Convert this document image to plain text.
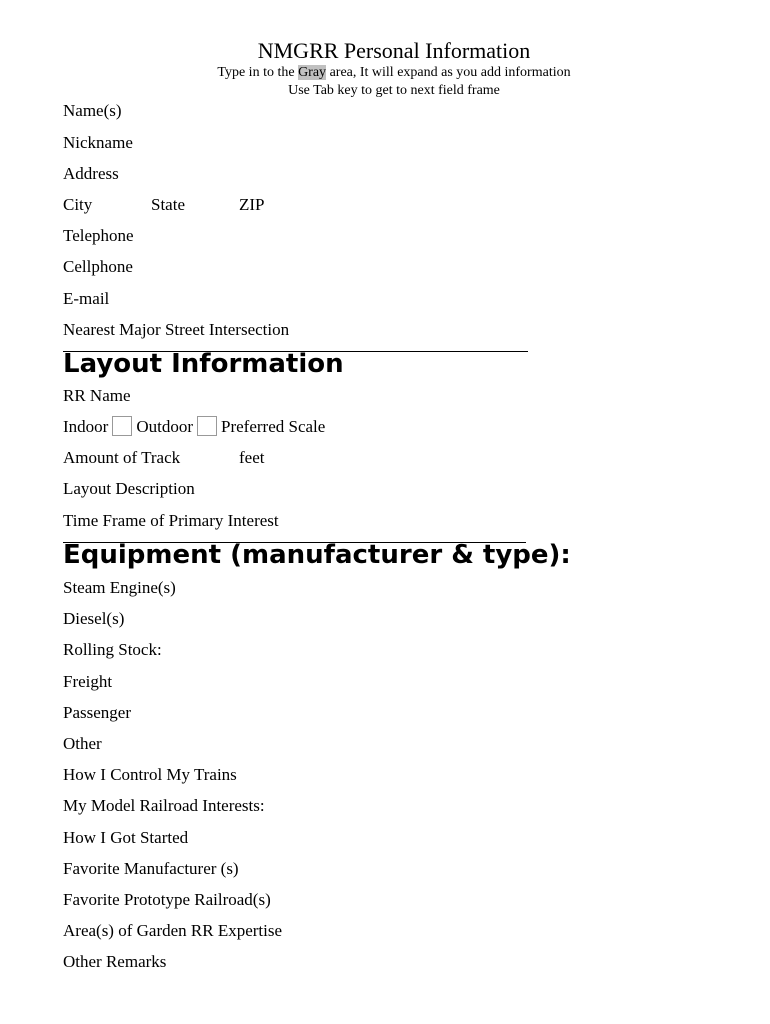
NMGRR Personal Information
Type in to the Gray area, It will expand as you add information
Use Tab key to get to next field frame
Name(s)
Nickname
Address
City	State	ZIP
Telephone
Cellphone
E-mail
Nearest Major Street Intersection
Layout Information
RR Name
Indoor Outdoor Preferred Scale
Amount of Track	feet
Layout Description
Time Frame of Primary Interest
Equipment (manufacturer & type):
Steam Engine(s)
Diesel(s)
Rolling Stock:
Freight
Passenger
Other
How I Control My Trains
My Model Railroad Interests:
How I Got Started
Favorite Manufacturer (s)
Favorite Prototype Railroad(s)
Area(s) of Garden RR Expertise
Other Remarks
